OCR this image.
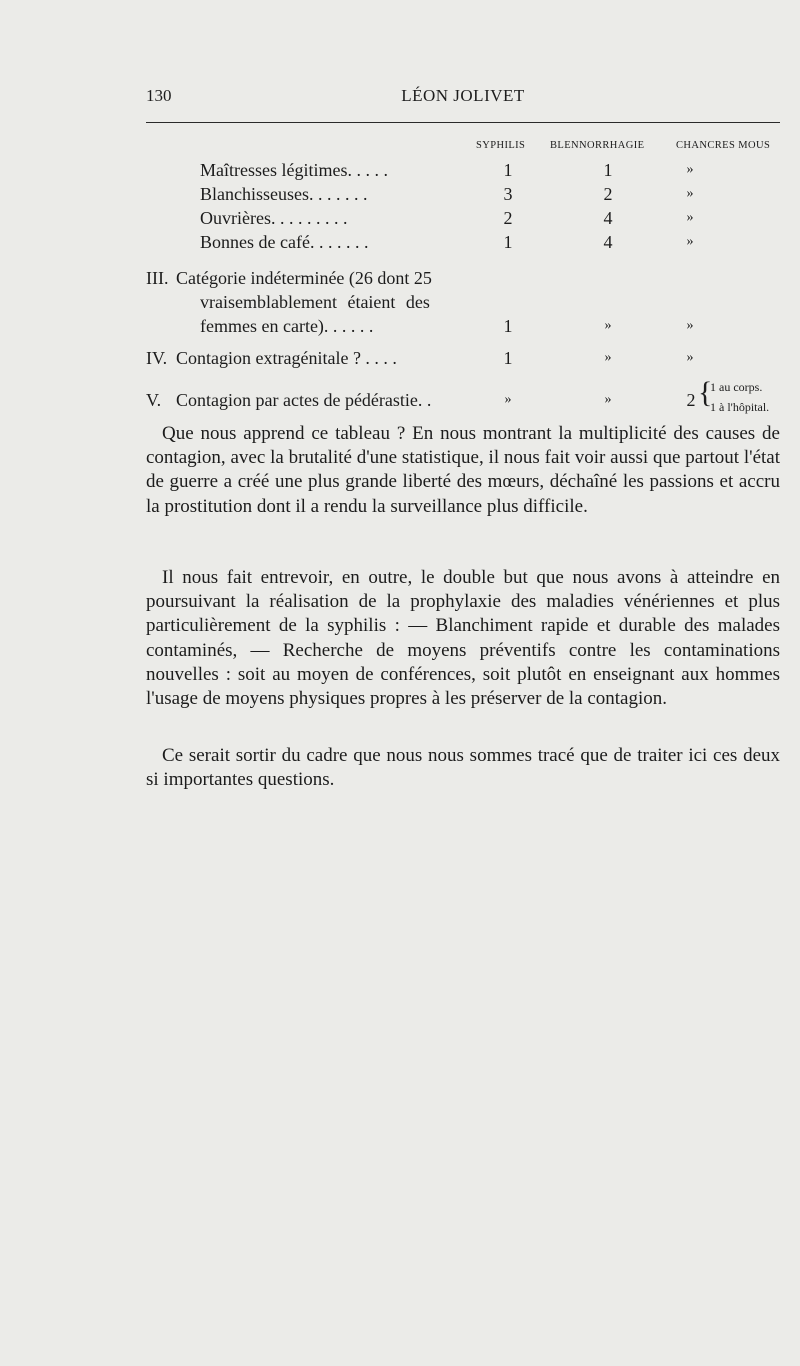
130	LÉON JOLIVET
SYPHILIS BLENNORRHAGIE	CHANCRES MOUS
Maîtresses légitimes. . . . .	1	1	»
Blanchisseuses. . . . . . .	3	2	»
Ouvrières. . . . . . . . .	2	4	»
Bonnes de café. . . . . . .	1	4	»
III. Catégorie indéterminée (26 dont 25
vraisemblablement étaient des
femmes en carte). . . . . .	1	»	»
IV. Contagion extragénitale ? . . . .	1	»	»
V. Contagion par actes de pédérastie. .	»	»	2 {
1 au corps.
1 à l'hôpital.

Que nous apprend ce tableau ? En nous montrant la multiplicité des causes de contagion, avec la brutalité d'une statistique, il nous fait voir aussi que partout l'état de guerre a créé une plus grande liberté des mœurs, déchaîné les passions et accru la prostitution dont il a rendu la surveillance plus difficile.

Il nous fait entrevoir, en outre, le double but que nous avons à atteindre en poursuivant la réalisation de la prophylaxie des maladies vénériennes et plus particulièrement de la syphilis : — Blanchiment rapide et durable des malades contaminés, — Recherche de moyens préventifs contre les contaminations nouvelles : soit au moyen de conférences, soit plutôt en enseignant aux hommes l'usage de moyens physiques propres à les préserver de la contagion.

Ce serait sortir du cadre que nous nous sommes tracé que de traiter ici ces deux si importantes questions.
